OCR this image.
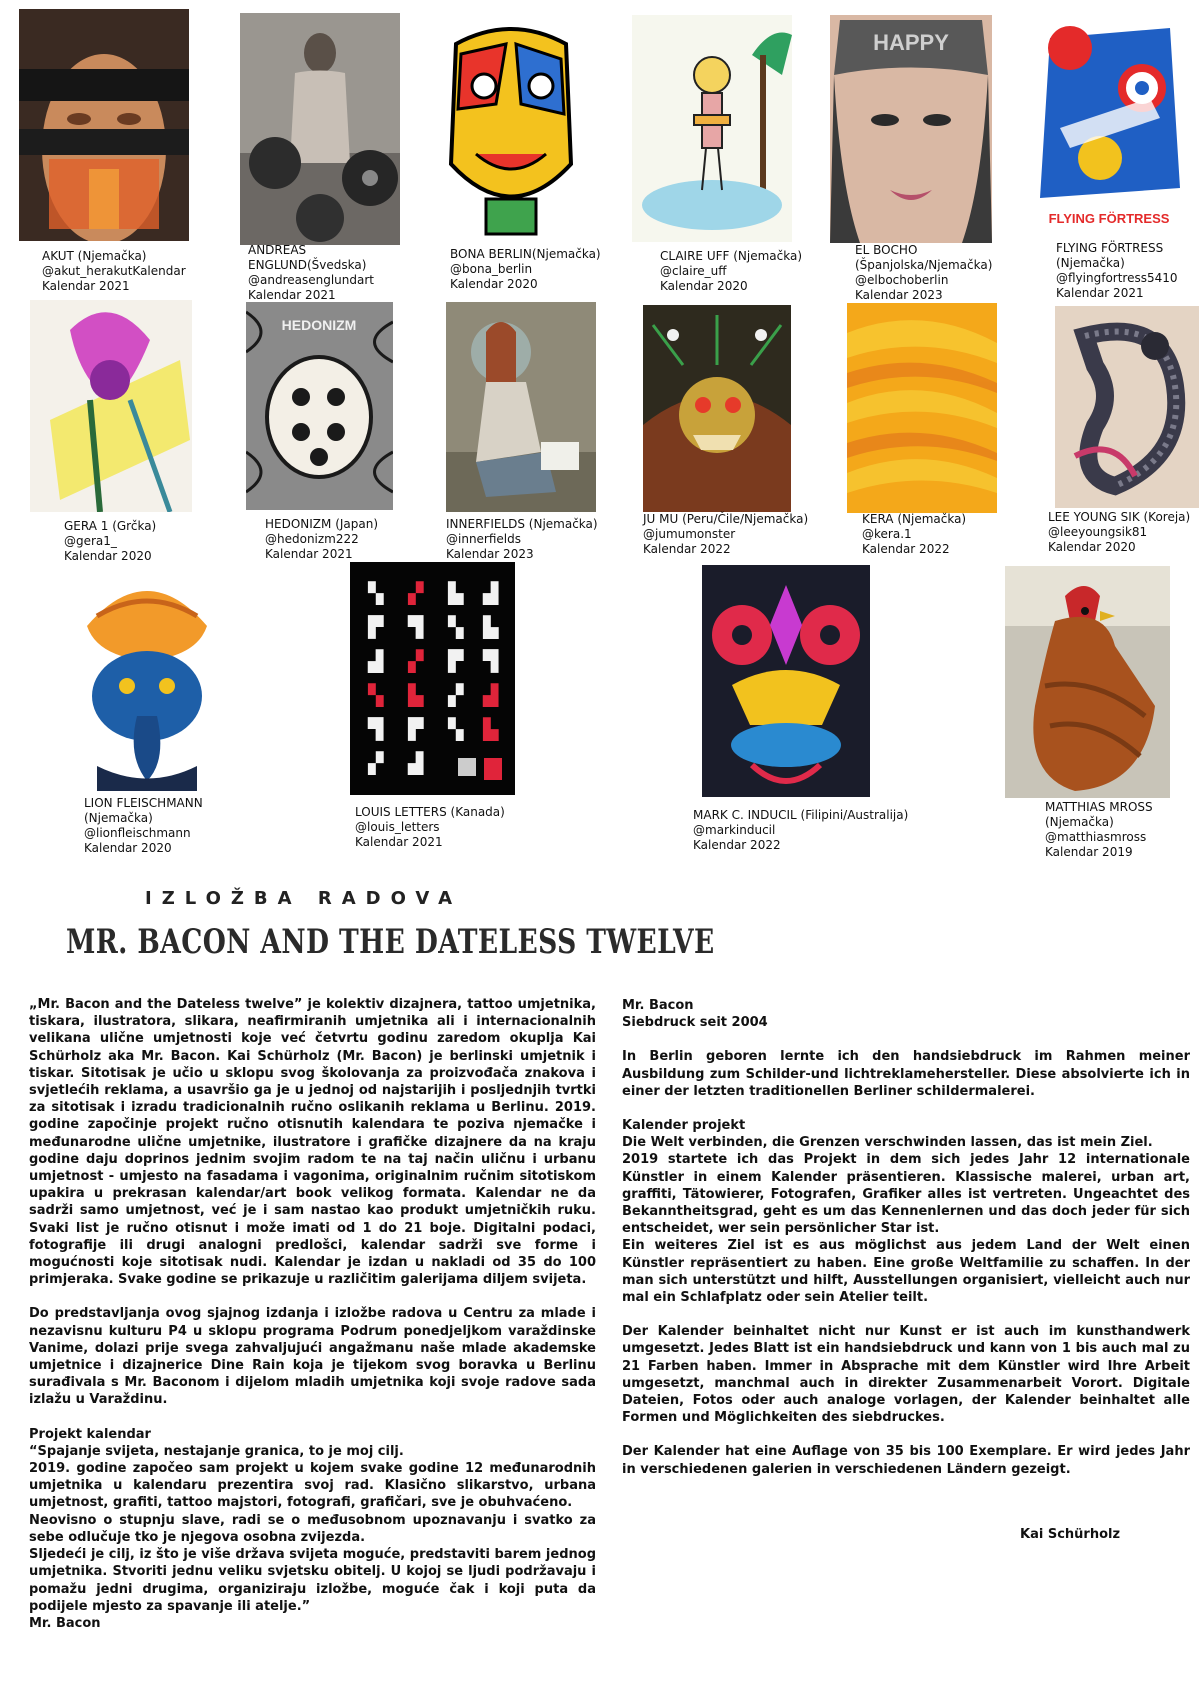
HAPPY
FLYING FÖRTRESS
AKUT (Njemačka)
@akut_herakutKalendar
Kalendar 2021
ANDREAS
ENGLUND(Švedska)
@andreasenglundart
Kalendar 2021
BONA BERLIN(Njemačka)
@bona_berlin
Kalendar 2020
CLAIRE UFF (Njemačka)
@claire_uff
Kalendar 2020
EL BOCHO
(Španjolska/Njemačka)
@elbochoberlin
Kalendar 2023
FLYING FÖRTRESS
(Njemačka)
@flyingfortress5410
Kalendar 2021
HEDONIZM
GERA 1 (Grčka)
@gera1_
Kalendar 2020
HEDONIZM (Japan)
@hedonizm222
Kalendar 2021
INNERFIELDS (Njemačka)
@innerfields
Kalendar 2023
JU MU (Peru/Čile/Njemačka)
@jumumonster
Kalendar 2022
KERA (Njemačka)
@kera.1
Kalendar 2022
LEE YOUNG SIK (Koreja)
@leeyoungsik81
Kalendar 2020
▚ ▞ ▙ ▟
▛ ▜ ▚ ▙
▟ ▞ ▛ ▜
▚ ▙ ▞ ▟
▜ ▛ ▚ ▙
▞ ▟
LION FLEISCHMANN
(Njemačka)
@lionfleischmann
Kalendar 2020
LOUIS LETTERS (Kanada)
@louis_letters
Kalendar 2021
MARK C. INDUCIL (Filipini/Australija)
@markinducil
Kalendar 2022
MATTHIAS MROSS
(Njemačka)
@matthiasmross
Kalendar 2019
IZLOŽBA RADOVA
MR. BACON AND THE DATELESS TWELVE

„Mr. Bacon and the Dateless twelve” je kolektiv dizajnera, tattoo umjetnika, tiskara, ilustratora, slikara, neafirmiranih umjetnika ali i internacionalnih velikana ulične umjetnosti koje već četvrtu godinu zaredom okuplja Kai Schürholz aka Mr. Bacon. Kai Schürholz (Mr. Bacon) je berlinski umjetnik i tiskar. Sitotisak je učio u sklopu svog školovanja za proizvođača znakova i svjetlećih reklama, a usavršio ga je u jednoj od najstarijih i posljednjih tvrtki za sitotisak i izradu tradicionalnih ručno oslikanih reklama u Berlinu. 2019. godine započinje projekt ručno otisnutih kalendara te poziva njemačke i međunarodne ulične umjetnike, ilustratore i grafičke dizajnere da na kraju godine daju doprinos jednim svojim radom te na taj način uličnu i urbanu umjetnost - umjesto na fasadama i vagonima, originalnim ručnim sitotiskom upakira u prekrasan kalendar/art book velikog formata. Kalendar ne da sadrži samo umjetnost, već je i sam nastao kao produkt umjetničkih ruku. Svaki list je ručno otisnut i može imati od 1 do 21 boje. Digitalni podaci, fotografije ili drugi analogni predlošci, kalendar sadrži sve forme i mogućnosti koje sitotisak nudi. Kalendar je izdan u nakladi od 35 do 100 primjeraka. Svake godine se prikazuje u različitim galerijama diljem svijeta.

Do predstavljanja ovog sjajnog izdanja i izložbe radova u Centru za mlade i nezavisnu kulturu P4 u sklopu programa Podrum ponedjeljkom varaždinske Vanime, dolazi prije svega zahvaljujući angažmanu naše mlade akademske umjetnice i dizajnerice Dine Rain koja je tijekom svog boravka u Berlinu surađivala s Mr. Baconom i dijelom mladih umjetnika koji svoje radove sada izlažu u Varaždinu.

Projekt kalendar
“Spajanje svijeta, nestajanje granica, to je moj cilj.
2019. godine započeo sam projekt u kojem svake godine 12 međunarodnih umjetnika u kalendaru prezentira svoj rad. Klasično slikarstvo, urbana umjetnost, grafiti, tattoo majstori, fotografi, grafičari, sve je obuhvaćeno.
Neovisno o stupnju slave, radi se o međusobnom upoznavanju i svatko za sebe odlučuje tko je njegova osobna zvijezda.
Sljedeći je cilj, iz što je više država svijeta moguće, predstaviti barem jednog umjetnika. Stvoriti jednu veliku svjetsku obitelj. U kojoj se ljudi podržavaju i pomažu jedni drugima, organiziraju izložbe, moguće čak i koji puta da podijele mjesto za spavanje ili atelje.”
Mr. Bacon

Mr. Bacon
Siebdruck seit 2004

In Berlin geboren lernte ich den handsiebdruck im Rahmen meiner Ausbildung zum Schilder-und lichtreklamehersteller. Diese absolvierte ich in einer der letzten traditionellen Berliner schildermalerei.

Kalender projekt
Die Welt verbinden, die Grenzen verschwinden lassen, das ist mein Ziel.
2019 startete ich das Projekt in dem sich jedes Jahr 12 internationale Künstler in einem Kalender präsentieren. Klassische malerei, urban art, graffiti, Tätowierer, Fotografen, Grafiker alles ist vertreten. Ungeachtet des Bekanntheitsgrad, geht es um das Kennenlernen und das doch jeder für sich entscheidet, wer sein persönlicher Star ist.
Ein weiteres Ziel ist es aus möglichst aus jedem Land der Welt einen Künstler repräsentiert zu haben. Eine große Weltfamilie zu schaffen. In der man sich unterstützt und hilft, Ausstellungen organisiert, vielleicht auch nur mal ein Schlafplatz oder sein Atelier teilt.

Der Kalender beinhaltet nicht nur Kunst er ist auch im kunsthandwerk umgesetzt. Jedes Blatt ist ein handsiebdruck und kann von 1 bis auch mal zu 21 Farben haben. Immer in Absprache mit dem Künstler wird Ihre Arbeit umgesetzt, manchmal auch in direkter Zusammenarbeit Vorort. Digitale Dateien, Fotos oder auch analoge vorlagen, der Kalender beinhaltet alle Formen und Möglichkeiten des siebdruckes.

Der Kalender hat eine Auflage von 35 bis 100 Exemplare. Er wird jedes Jahr in verschiedenen galerien in verschiedenen Ländern gezeigt.

Kai Schürholz
